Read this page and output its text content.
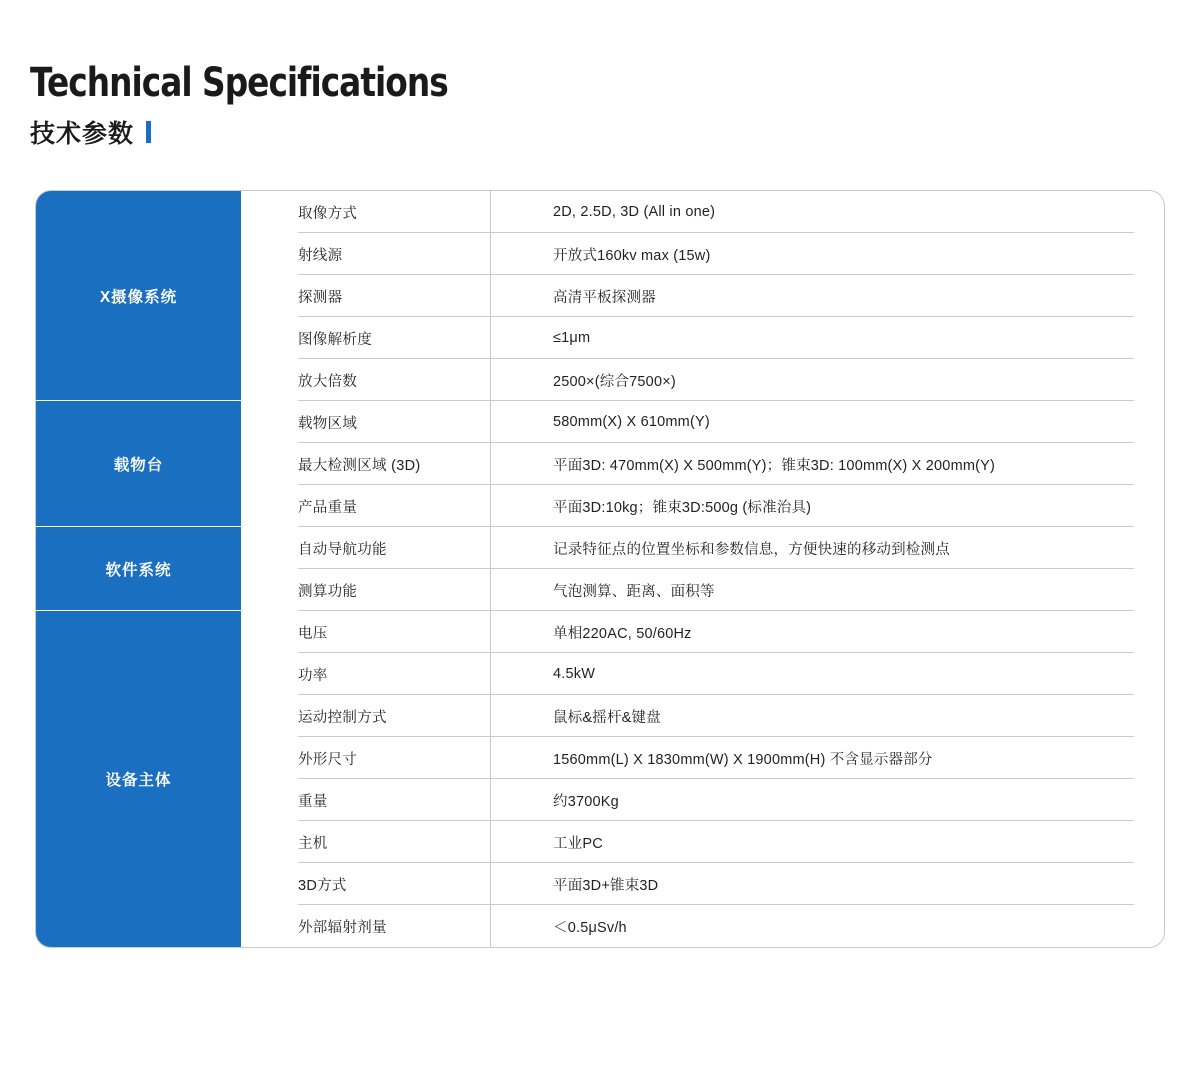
Technical Specifications
技术参数
X摄像系统
取像方式	2D, 2.5D, 3D (All in one)
射线源	开放式160kv max (15w)
探测器	高清平板探测器
图像解析度	≤1μm
放大倍数	2500×(综合7500×)
载物台
载物区域	580mm(X) X 610mm(Y)
最大检测区域 (3D)	平面3D: 470mm(X) X 500mm(Y)；锥束3D: 100mm(X) X 200mm(Y)
产品重量	平面3D:10kg；锥束3D:500g (标准治具)
软件系统
自动导航功能	记录特征点的位置坐标和参数信息，方便快速的移动到检测点
测算功能	气泡测算、距离、面积等
设备主体
电压	单相220AC, 50/60Hz
功率	4.5kW
运动控制方式	鼠标&摇杆&键盘
外形尺寸	1560mm(L) X 1830mm(W) X 1900mm(H) 不含显示器部分
重量	约3700Kg
主机	工业PC
3D方式	平面3D+锥束3D
外部辐射剂量	＜0.5μSv/h
